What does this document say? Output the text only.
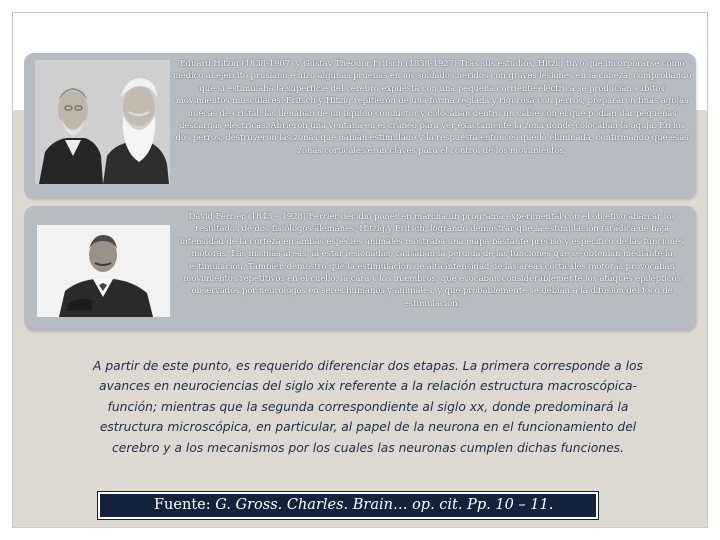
Eduard Hitzig (1838-1907) y Gustav Theodor Fritsch (1838-1927) Tras sus estudios, Hitzig tuvo que incorporarse como médico al ejército prusiano e hizo algunas pruebas en los soldados heridos con graves lesiones en la cabeza, comprobando que si estimulaba la superficie del cerebro expuesta con una pequeña corriente eléctrica se producían súbitos movimientos musculares. Fritsch y Hitzig repitieron de una forma reglada y rigurosa con perros, prepararon finas agujas huecas de cristal, las llenaban de un líquido conductor y colocaban dentro un cable con el que podían dar pequeñas descargas eléctricas. Abrieron una ventana en el cráneo para ver exactamente la zona donde colocaban la aguja. En los dos perros, destruyeron las zonas que habían estimulado y la respuesta entonces quedó eliminada, confirmando que esas zonas corticales eran claves para el control de los movimientos.
David Ferrier (1843 – 1928) Ferrier decidió poner en marcha un programa experimental con el objetivo abarcar los resultados de dos fisiólogos alemanes, Hitzig y Fritsch, logrando demostrar que la estimulación farádica de baja intensidad de la corteza en ambas especies animales mostraba una mapa bastante preciso y específico de las funciones motoras. Las mismas áreas, al estar lesionadas, causaban la pérdida de las funciones que se obtenían mediante la estimulación. También demostró que la estimulación de alta intensidad de las áreas corticales motoras provocaban movimientos repetitivos en el cuello, la cara y los miembros, que evocaban considerablemente los ataques epilépticos observados por neurólogos en seres humanos y animales, y que probablemente se debían a la difusión del foco de estimulación.
A partir de este punto, es requerido diferenciar dos etapas. La primera corresponde a los avances en neurociencias del siglo xix referente a la relación estructura macroscópica-función; mientras que la segunda correspondiente al siglo xx, donde predominará la estructura microscópica, en particular, al papel de la neurona en el funcionamiento del cerebro y a los mecanismos por los cuales las neuronas cumplen dichas funciones.
Fuente: G. Gross. Charles. Brain… op. cit. Pp. 10 – 11.
